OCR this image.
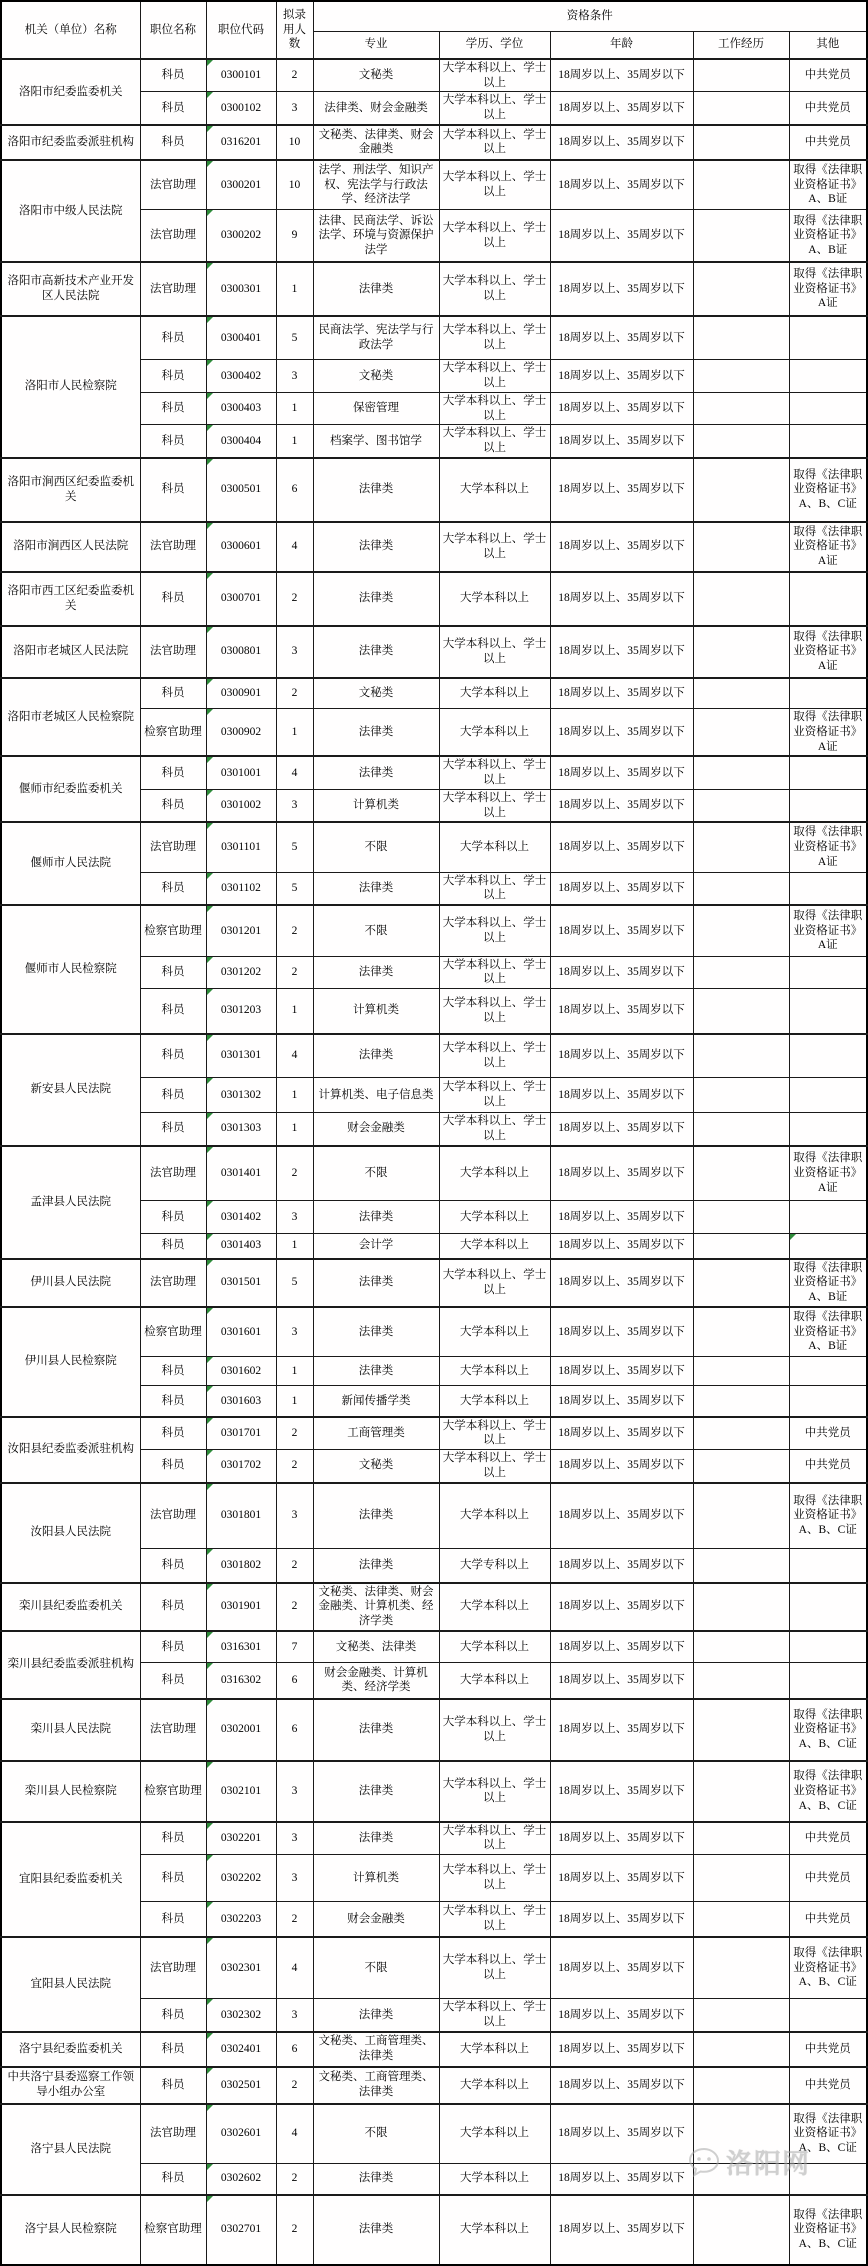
机关（单位）名称	职位名称	职位代码	拟录用人数	资格条件				
				专业	学历、学位	年龄	工作经历	其他
洛阳市纪委监委机关	科员	0300101	2	文秘类	大学本科以上、学士以上	18周岁以上、35周岁以下		中共党员
	科员	0300102	3	法律类、财会金融类	大学本科以上、学士以上	18周岁以上、35周岁以下		中共党员
洛阳市纪委监委派驻机构	科员	0316201	10	文秘类、法律类、财会金融类	大学本科以上、学士以上	18周岁以上、35周岁以下		中共党员
洛阳市中级人民法院	法官助理	0300201	10	法学、刑法学、知识产权、宪法学与行政法学、经济法学	大学本科以上、学士以上	18周岁以上、35周岁以下		取得《法律职业资格证书》A、B证
	法官助理	0300202	9	法律、民商法学、诉讼法学、环境与资源保护法学	大学本科以上、学士以上	18周岁以上、35周岁以下		取得《法律职业资格证书》A、B证
洛阳市高新技术产业开发区人民法院	法官助理	0300301	1	法律类	大学本科以上、学士以上	18周岁以上、35周岁以下		取得《法律职业资格证书》A证
洛阳市人民检察院	科员	0300401	5	民商法学、宪法学与行政法学	大学本科以上、学士以上	18周岁以上、35周岁以下		
	科员	0300402	3	文秘类	大学本科以上、学士以上	18周岁以上、35周岁以下		
	科员	0300403	1	保密管理	大学本科以上、学士以上	18周岁以上、35周岁以下		
	科员	0300404	1	档案学、图书馆学	大学本科以上、学士以上	18周岁以上、35周岁以下		
洛阳市涧西区纪委监委机关	科员	0300501	6	法律类	大学本科以上	18周岁以上、35周岁以下		取得《法律职业资格证书》A、B、C证
洛阳市涧西区人民法院	法官助理	0300601	4	法律类	大学本科以上、学士以上	18周岁以上、35周岁以下		取得《法律职业资格证书》A证
洛阳市西工区纪委监委机关	科员	0300701	2	法律类	大学本科以上	18周岁以上、35周岁以下		
洛阳市老城区人民法院	法官助理	0300801	3	法律类	大学本科以上、学士以上	18周岁以上、35周岁以下		取得《法律职业资格证书》A证
洛阳市老城区人民检察院	科员	0300901	2	文秘类	大学本科以上	18周岁以上、35周岁以下		
	检察官助理	0300902	1	法律类	大学本科以上	18周岁以上、35周岁以下		取得《法律职业资格证书》A证
偃师市纪委监委机关	科员	0301001	4	法律类	大学本科以上、学士以上	18周岁以上、35周岁以下		
	科员	0301002	3	计算机类	大学本科以上、学士以上	18周岁以上、35周岁以下		
偃师市人民法院	法官助理	0301101	5	不限	大学本科以上	18周岁以上、35周岁以下		取得《法律职业资格证书》A证
	科员	0301102	5	法律类	大学本科以上、学士以上	18周岁以上、35周岁以下		
偃师市人民检察院	检察官助理	0301201	2	不限	大学本科以上、学士以上	18周岁以上、35周岁以下		取得《法律职业资格证书》A证
	科员	0301202	2	法律类	大学本科以上、学士以上	18周岁以上、35周岁以下		
	科员	0301203	1	计算机类	大学本科以上、学士以上	18周岁以上、35周岁以下		
新安县人民法院	科员	0301301	4	法律类	大学本科以上、学士以上	18周岁以上、35周岁以下		
	科员	0301302	1	计算机类、电子信息类	大学本科以上、学士以上	18周岁以上、35周岁以下		
	科员	0301303	1	财会金融类	大学本科以上、学士以上	18周岁以上、35周岁以下		
孟津县人民法院	法官助理	0301401	2	不限	大学本科以上	18周岁以上、35周岁以下		取得《法律职业资格证书》A证
	科员	0301402	3	法律类	大学本科以上	18周岁以上、35周岁以下		
	科员	0301403	1	会计学	大学本科以上	18周岁以上、35周岁以下		

伊川县人民法院	法官助理	0301501	5	法律类	大学本科以上、学士以上	18周岁以上、35周岁以下		取得《法律职业资格证书》A、B证
伊川县人民检察院	检察官助理	0301601	3	法律类	大学本科以上	18周岁以上、35周岁以下		取得《法律职业资格证书》A、B证
	科员	0301602	1	法律类	大学本科以上	18周岁以上、35周岁以下		
	科员	0301603	1	新闻传播学类	大学本科以上	18周岁以上、35周岁以下		
汝阳县纪委监委派驻机构	科员	0301701	2	工商管理类	大学本科以上、学士以上	18周岁以上、35周岁以下		中共党员
	科员	0301702	2	文秘类	大学本科以上、学士以上	18周岁以上、35周岁以下		中共党员
汝阳县人民法院	法官助理	0301801	3	法律类	大学本科以上	18周岁以上、35周岁以下		取得《法律职业资格证书》A、B、C证
	科员	0301802	2	法律类	大学专科以上	18周岁以上、35周岁以下		
栾川县纪委监委机关	科员	0301901	2	文秘类、法律类、财会金融类、计算机类、经济学类	大学本科以上	18周岁以上、35周岁以下		
栾川县纪委监委派驻机构	科员	0316301	7	文秘类、法律类	大学本科以上	18周岁以上、35周岁以下		
	科员	0316302	6	财会金融类、计算机类、经济学类	大学本科以上	18周岁以上、35周岁以下		
栾川县人民法院	法官助理	0302001	6	法律类	大学本科以上、学士以上	18周岁以上、35周岁以下		取得《法律职业资格证书》A、B、C证
栾川县人民检察院	检察官助理	0302101	3	法律类	大学本科以上、学士以上	18周岁以上、35周岁以下		取得《法律职业资格证书》A、B、C证
宜阳县纪委监委机关	科员	0302201	3	法律类	大学本科以上、学士以上	18周岁以上、35周岁以下		中共党员
	科员	0302202	3	计算机类	大学本科以上、学士以上	18周岁以上、35周岁以下		中共党员
	科员	0302203	2	财会金融类	大学本科以上、学士以上	18周岁以上、35周岁以下		中共党员
宜阳县人民法院	法官助理	0302301	4	不限	大学本科以上、学士以上	18周岁以上、35周岁以下		取得《法律职业资格证书》A、B、C证
	科员	0302302	3	法律类	大学本科以上、学士以上	18周岁以上、35周岁以下		
洛宁县纪委监委机关	科员	0302401	6	文秘类、工商管理类、法律类	大学本科以上	18周岁以上、35周岁以下		中共党员
中共洛宁县委巡察工作领导小组办公室	科员	0302501	2	文秘类、工商管理类、法律类	大学本科以上	18周岁以上、35周岁以下		中共党员
洛宁县人民法院	法官助理	0302601	4	不限	大学本科以上	18周岁以上、35周岁以下		取得《法律职业资格证书》A、B、C证
	科员	0302602	2	法律类	大学本科以上	18周岁以上、35周岁以下		
洛宁县人民检察院	检察官助理	0302701	2	法律类	大学本科以上	18周岁以上、35周岁以下		取得《法律职业资格证书》A、B、C证
洛阳网
